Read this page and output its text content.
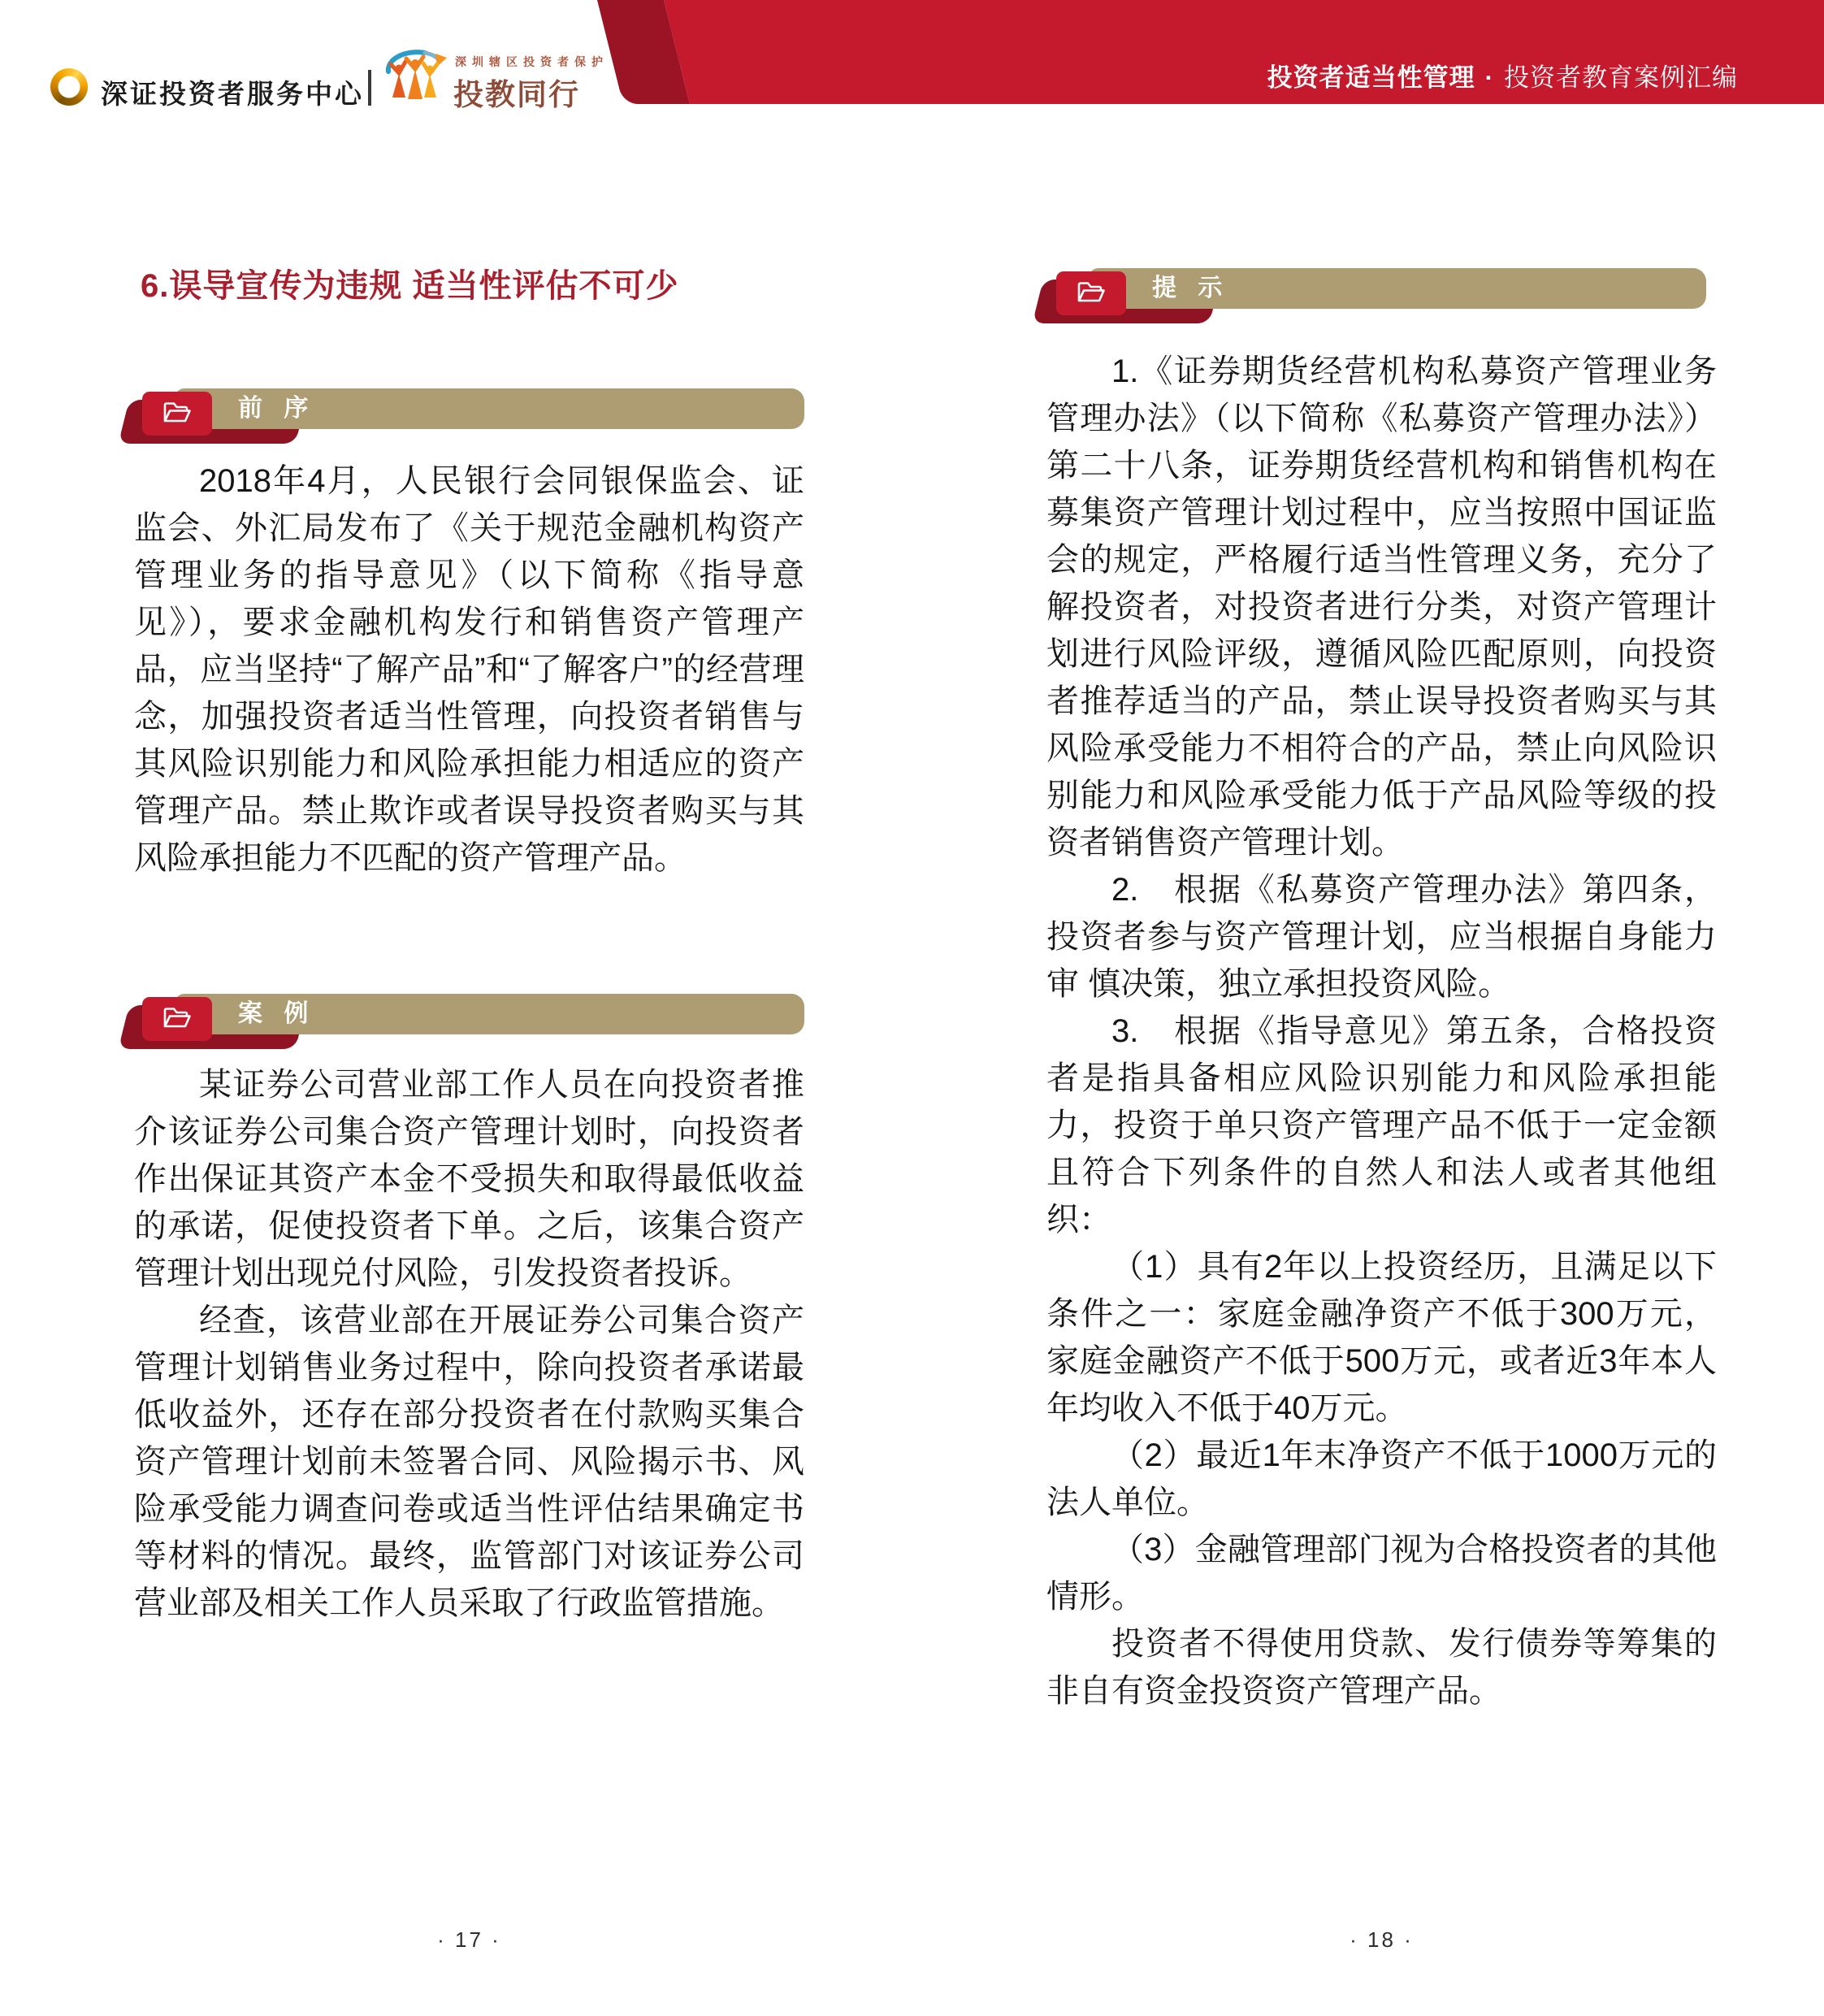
深证投资者服务中心
深圳辖区投资者保护
投教同行
投资者适当性管理 · 投资者教育案例汇编
6.误导宣传为违规 适当性评估不可少
前 序

2018年4月，人民银行会同银保监会、证监会、外汇局发布了《关于规范金融机构资产管理业务的指导意见》（以下简称《指导意见》），要求金融机构发行和销售资产管理产品，应当坚持“了解产品”和“了解客户”的经营理念，加强投资者适当性管理，向投资者销售与其风险识别能力和风险承担能力相适应的资产管理产品。禁止欺诈或者误导投资者购买与其风险承担能力不匹配的资产管理产品。

案 例

某证券公司营业部工作人员在向投资者推介该证券公司集合资产管理计划时，向投资者作出保证其资产本金不受损失和取得最低收益的承诺，促使投资者下单。之后，该集合资产管理计划出现兑付风险，引发投资者投诉。

经查，该营业部在开展证券公司集合资产管理计划销售业务过程中，除向投资者承诺最低收益外，还存在部分投资者在付款购买集合资产管理计划前未签署合同、风险揭示书、风险承受能力调查问卷或适当性评估结果确定书等材料的情况。最终，监管部门对该证券公司营业部及相关工作人员采取了行政监管措施。

· 17 ·
提 示

1.《证券期货经营机构私募资产管理业务管理办法》（以下简称《私募资产管理办法》）第二十八条，证券期货经营机构和销售机构在募集资产管理计划过程中，应当按照中国证监会的规定，严格履行适当性管理义务，充分了解投资者，对投资者进行分类，对资产管理计划进行风险评级，遵循风险匹配原则，向投资者推荐适当的产品，禁止误导投资者购买与其风险承受能力不相符合的产品，禁止向风险识别能力和风险承受能力低于产品风险等级的投资者销售资产管理计划。

2.　根据《私募资产管理办法》第四条，投资者参与资产管理计划，应当根据自身能力审 慎决策，独立承担投资风险。

3.　根据《指导意见》第五条，合格投资者是指具备相应风险识别能力和风险承担能力，投资于单只资产管理产品不低于一定金额且符合下列条件的自然人和法人或者其他组织：

（1）具有2年以上投资经历，且满足以下条件之一：家庭金融净资产不低于300万元，家庭金融资产不低于500万元，或者近3年本人年均收入不低于40万元。

（2）最近1年末净资产不低于1000万元的法人单位。

（3）金融管理部门视为合格投资者的其他情形。

投资者不得使用贷款、发行债券等筹集的非自有资金投资资产管理产品。

· 18 ·
